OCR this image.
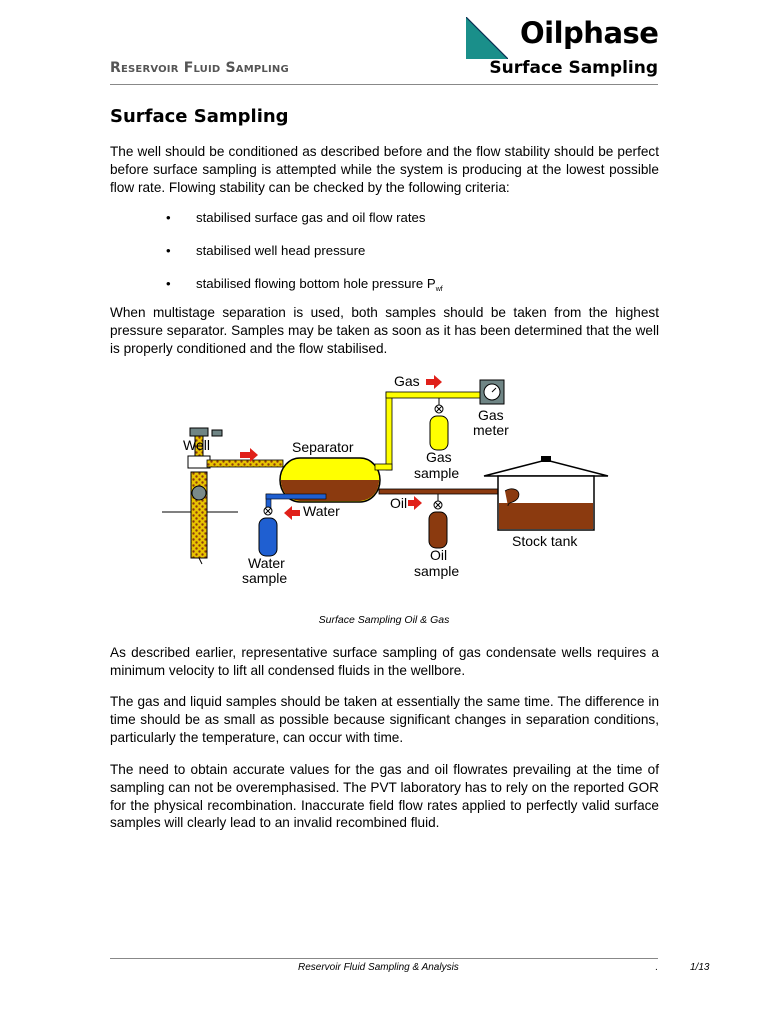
Oilphase
Reservoir Fluid Sampling	Surface Sampling
Surface Sampling
The well should be conditioned as described before and the flow stability should be perfect before surface sampling is attempted while the system is producing at the lowest possible flow rate. Flowing stability can be checked by the following criteria:
• stabilised surface gas and oil flow rates
• stabilised well head pressure
• stabilised flowing bottom hole pressure $P_{wf}$
When multistage separation is used, both samples should be taken from the highest pressure separator. Samples may be taken as soon as it has been determined that the well is properly conditioned and the flow stabilised.
Gas
Gas
meter
Well	Separator
Gas
sample
Water	Oil
Stock tank
Water
sample
Oil
sample
Surface Sampling Oil & Gas
As described earlier, representative surface sampling of gas condensate wells requires a minimum velocity to lift all condensed fluids in the wellbore.
The gas and liquid samples should be taken at essentially the same time. The difference in time should be as small as possible because significant changes in separation conditions, particularly the temperature, can occur with time.
The need to obtain accurate values for the gas and oil flowrates prevailing at the time of sampling can not be overemphasised. The PVT laboratory has to rely on the reported GOR for the physical recombination. Inaccurate field flow rates applied to perfectly valid surface samples will clearly lead to an invalid recombined fluid.
Reservoir Fluid Sampling & Analysis	.	1/13
